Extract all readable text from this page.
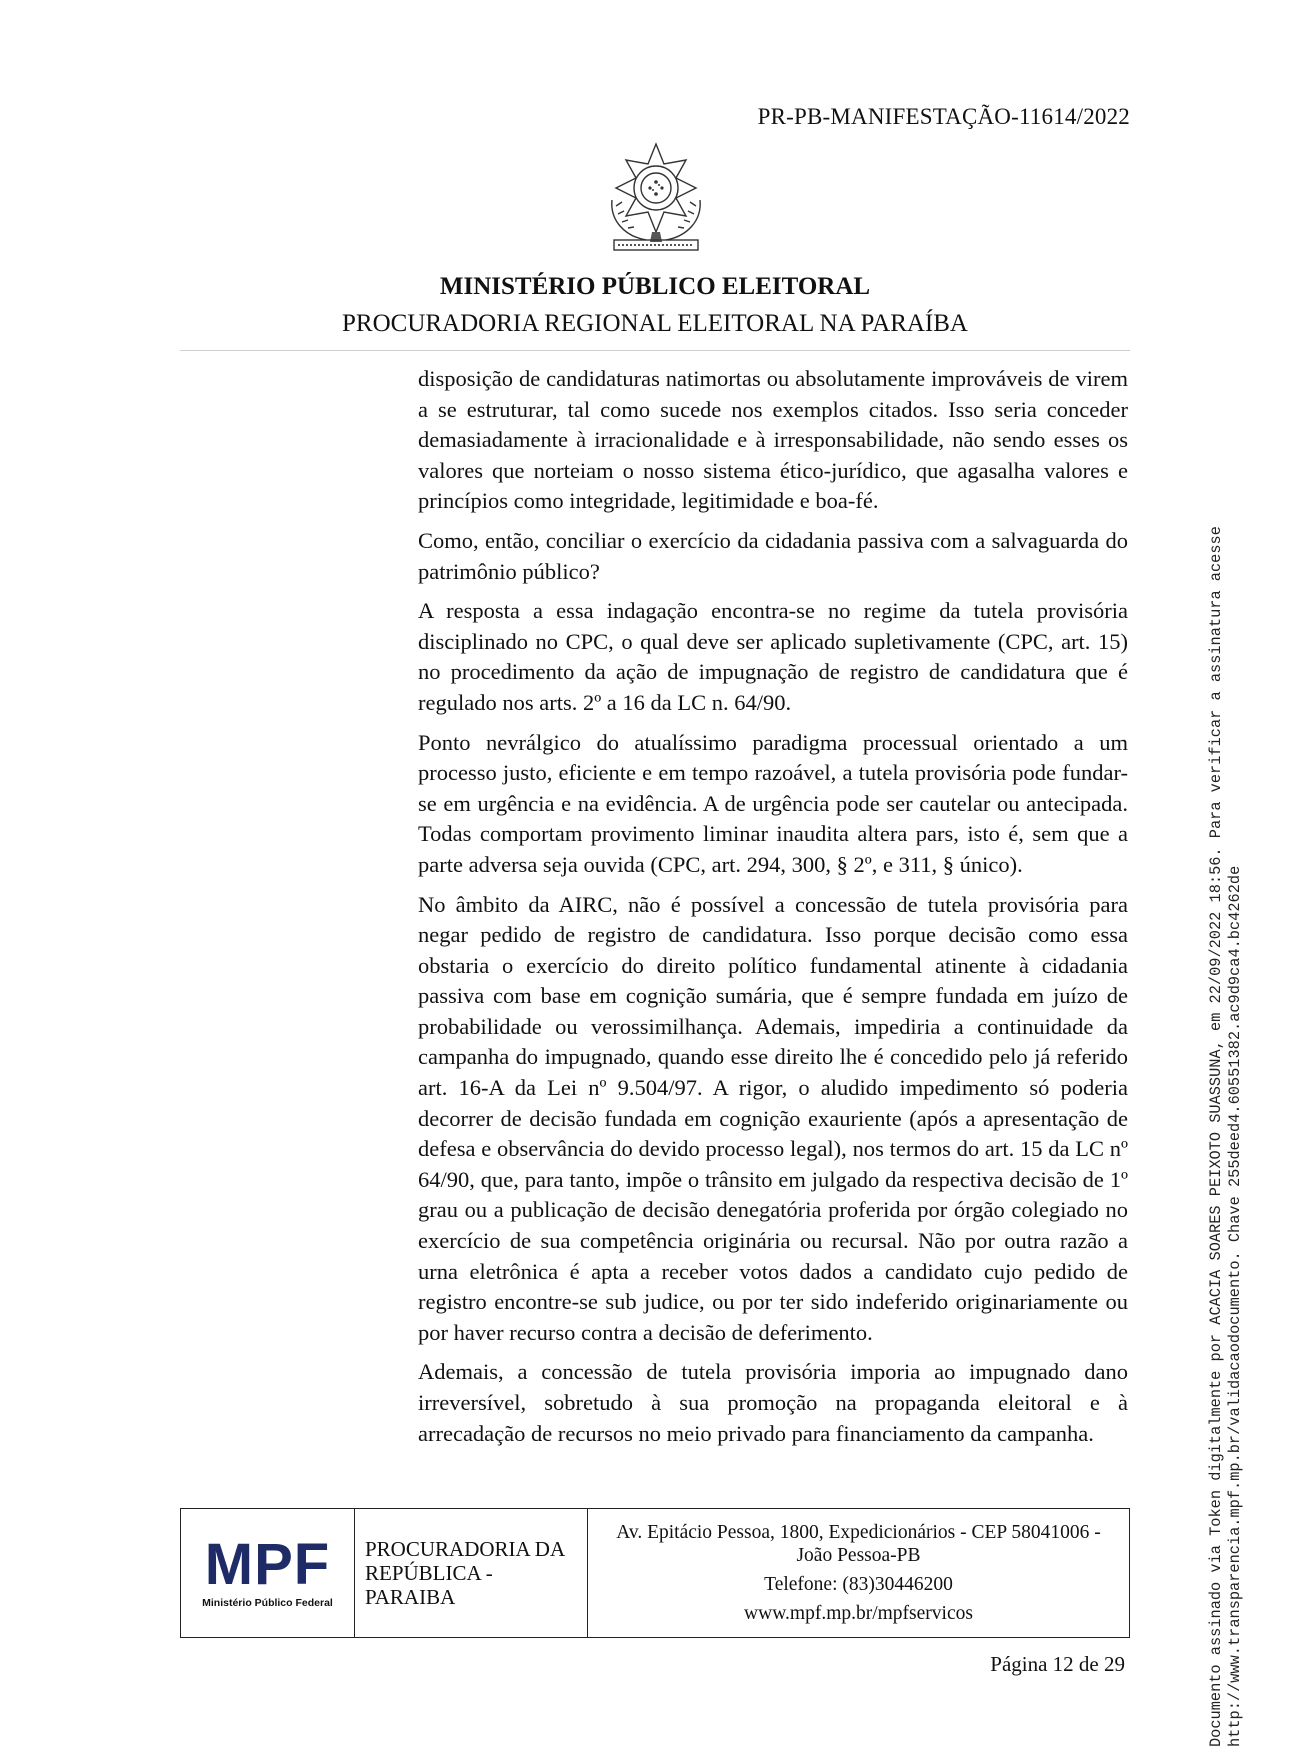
PR-PB-MANIFESTAÇÃO-11614/2022
MINISTÉRIO PÚBLICO ELEITORAL
PROCURADORIA REGIONAL ELEITORAL NA PARAÍBA

disposição de candidaturas natimortas ou absolutamente improváveis de virem a se estruturar, tal como sucede nos exemplos citados. Isso seria conceder demasiadamente à irracionalidade e à irresponsabilidade, não sendo esses os valores que norteiam o nosso sistema ético-jurídico, que agasalha valores e princípios como integridade, legitimidade e boa-fé.

Como, então, conciliar o exercício da cidadania passiva com a salvaguarda do patrimônio público?

A resposta a essa indagação encontra-se no regime da tutela provisória disciplinado no CPC, o qual deve ser aplicado supletivamente (CPC, art. 15) no procedimento da ação de impugnação de registro de candidatura que é regulado nos arts. 2º a 16 da LC n. 64/90.

Ponto nevrálgico do atualíssimo paradigma processual orientado a um processo justo, eficiente e em tempo razoável, a tutela provisória pode fundar-se em urgência e na evidência. A de urgência pode ser cautelar ou antecipada. Todas comportam provimento liminar inaudita altera pars, isto é, sem que a parte adversa seja ouvida (CPC, art. 294, 300, § 2º, e 311, § único).

No âmbito da AIRC, não é possível a concessão de tutela provisória para negar pedido de registro de candidatura. Isso porque decisão como essa obstaria o exercício do direito político fundamental atinente à cidadania passiva com base em cognição sumária, que é sempre fundada em juízo de probabilidade ou verossimilhança. Ademais, impediria a continuidade da campanha do impugnado, quando esse direito lhe é concedido pelo já referido art. 16-A da Lei nº 9.504/97. A rigor, o aludido impedimento só poderia decorrer de decisão fundada em cognição exauriente (após a apresentação de defesa e observância do devido processo legal), nos termos do art. 15 da LC nº 64/90, que, para tanto, impõe o trânsito em julgado da respectiva decisão de 1º grau ou a publicação de decisão denegatória proferida por órgão colegiado no exercício de sua competência originária ou recursal. Não por outra razão a urna eletrônica é apta a receber votos dados a candidato cujo pedido de registro encontre-se sub judice, ou por ter sido indeferido originariamente ou por haver recurso contra a decisão de deferimento.

Ademais, a concessão de tutela provisória imporia ao impugnado dano irreversível, sobretudo à sua promoção na propaganda eleitoral e à arrecadação de recursos no meio privado para financiamento da campanha.	Documento assinado via Token digitalmente por ACACIA SOARES PEIXOTO SUASSUNA, em 22/09/2022 18:56. Para verificar a assinatura acesse http://www.transparencia.mpf.mp.br/validacaodocumento. Chave 255deed4.60551382.ac9d9ca4.bc4262de
MPF
Ministério Público Federal
PROCURADORIA DA REPÚBLICA - PARAIBA
Av. Epitácio Pessoa, 1800, Expedicionários - CEP 58041006 - João Pessoa-PB
Telefone: (83)30446200
www.mpf.mp.br/mpfservicos
Página 12 de 29
